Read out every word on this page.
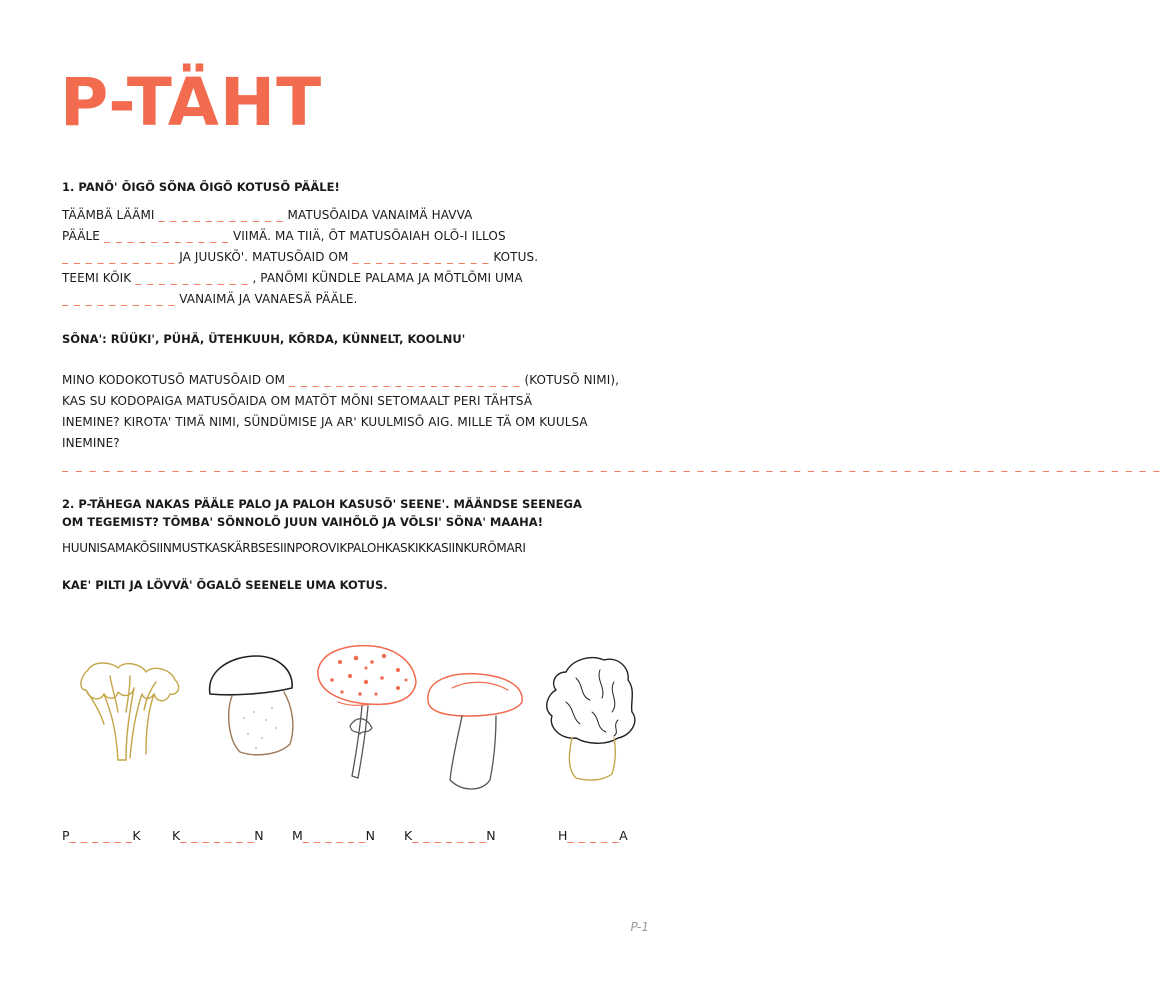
P-TÄHT
1. PANÕ' ÕIGÕ SÕNA ÕIGÕ KOTUSÕ PÄÄLE!
TÄÄMBÄ LÄÄMI _ _ _ _ _ _ _ _ _ _ _ MATUSÕAIDA VANAIMÄ HAVVA
PÄÄLE _ _ _ _ _ _ _ _ _ _ _ VIIMÄ. MA TIIÄ, ÕT MATUSÕAIAH OLÕ-I ILLOS
_ _ _ _ _ _ _ _ _ _ JA JUUSKÕ'. MATUSÕAID OM _ _ _ _ _ _ _ _ _ _ _ _ KOTUS.
TEEMI KÕIK _ _ _ _ _ _ _ _ _ _ , PANÕMI KÜNDLE PALAMA JA MÕTLÕMI UMA
_ _ _ _ _ _ _ _ _ _ VANAIMÄ JA VANAESÄ PÄÄLE.
SÕNA': RÜÜKI', PÜHÄ, ÜTEHKUUH, KÕRDA, KÜNNELT, KOOLNU'
MINO KODOKOTUSÕ MATUSÕAID OM _ _ _ _ _ _ _ _ _ _ _ _ _ _ _ _ _ _ _ _ (KOTUSÕ NIMI),
KAS SU KODOPAIGA MATUSÕAIDA OM MATÕT MÕNI SETOMAALT PERI TÄHTSÄ
INEMINE? KIROTA' TIMÄ NIMI, SÜNDÜMISE JA AR' KUULMISÕ AIG. MILLE TÄ OM KUULSA
INEMINE?
_ _ _ _ _ _ _ _ _ _ _ _ _ _ _ _ _ _ _ _ _ _ _ _ _ _ _ _ _ _ _ _ _ _ _ _ _ _ _ _ _ _ _ _ _ _ _ _ _ _ _ _ _ _ _ _ _ _ _ _ _ _ _ _ _ _ _ _ _ _ _ _ _ _ _ _ _ _ _ _
2. P-TÄHEGA NAKAS PÄÄLE PALO JA PALOH KASUSÕ' SEENE'. MÄÄNDSE SEENEGA
OM TEGEMIST? TÕMBA' SÕNNOLÕ JUUN VAIHÕLÕ JA VÕLSI' SÕNA' MAAHA!
HUUNISAMAKÕSIINMUSTKASKÄRBSESIINPOROVIKPALOHKASKIKKASIINKURÕMARI
KAE' PILTI JA LÖVVÄ' ÕGALÕ SEENELE UMA KOTUS.
P_ _ _ _ _ _K	K_ _ _ _ _ _ _N M_ _ _ _ _ _N K_ _ _ _ _ _ _N	H_ _ _ _ _A
P-1
